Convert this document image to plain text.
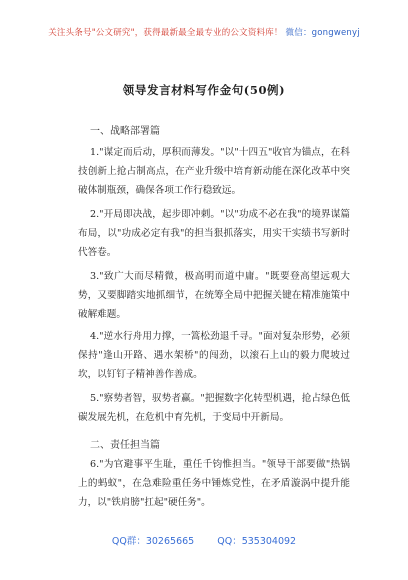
关注头条号"公文研究"，获得最新最全最专业的公文资料库！ 微信：gongwenyj
领导发言材料写作金句(50例)
一、战略部署篇
1."谋定而后动，厚积而薄发。"以"十四五"收官为锚点，在科技创新上抢占制高点，在产业升级中培育新动能在深化改革中突破体制瓶颈，确保各项工作行稳致远。
2."开局即决战，起步即冲刺。"以"功成不必在我"的境界谋篇布局，以"功成必定有我"的担当狠抓落实，用实干实绩书写新时代答卷。
3."致广大而尽精微，极高明而道中庸。"既要登高望远观大势，又要脚踏实地抓细节，在统筹全局中把握关键在精准施策中破解难题。
4."逆水行舟用力撑，一篙松劲退千寻。"面对复杂形势，必须保持"逢山开路、遇水架桥"的闯劲，以滚石上山的毅力爬坡过坎，以钉钉子精神善作善成。
5."察势者智，驭势者赢。"把握数字化转型机遇，抢占绿色低碳发展先机，在危机中育先机，于变局中开新局。
二、责任担当篇
6."为官避事平生耻，重任千钧惟担当。"领导干部要做"热锅上的蚂蚁"，在急难险重任务中锤炼党性，在矛盾漩涡中提升能力，以"铁肩膀"扛起"硬任务"。
QQ群：30265665 QQ：535304092
